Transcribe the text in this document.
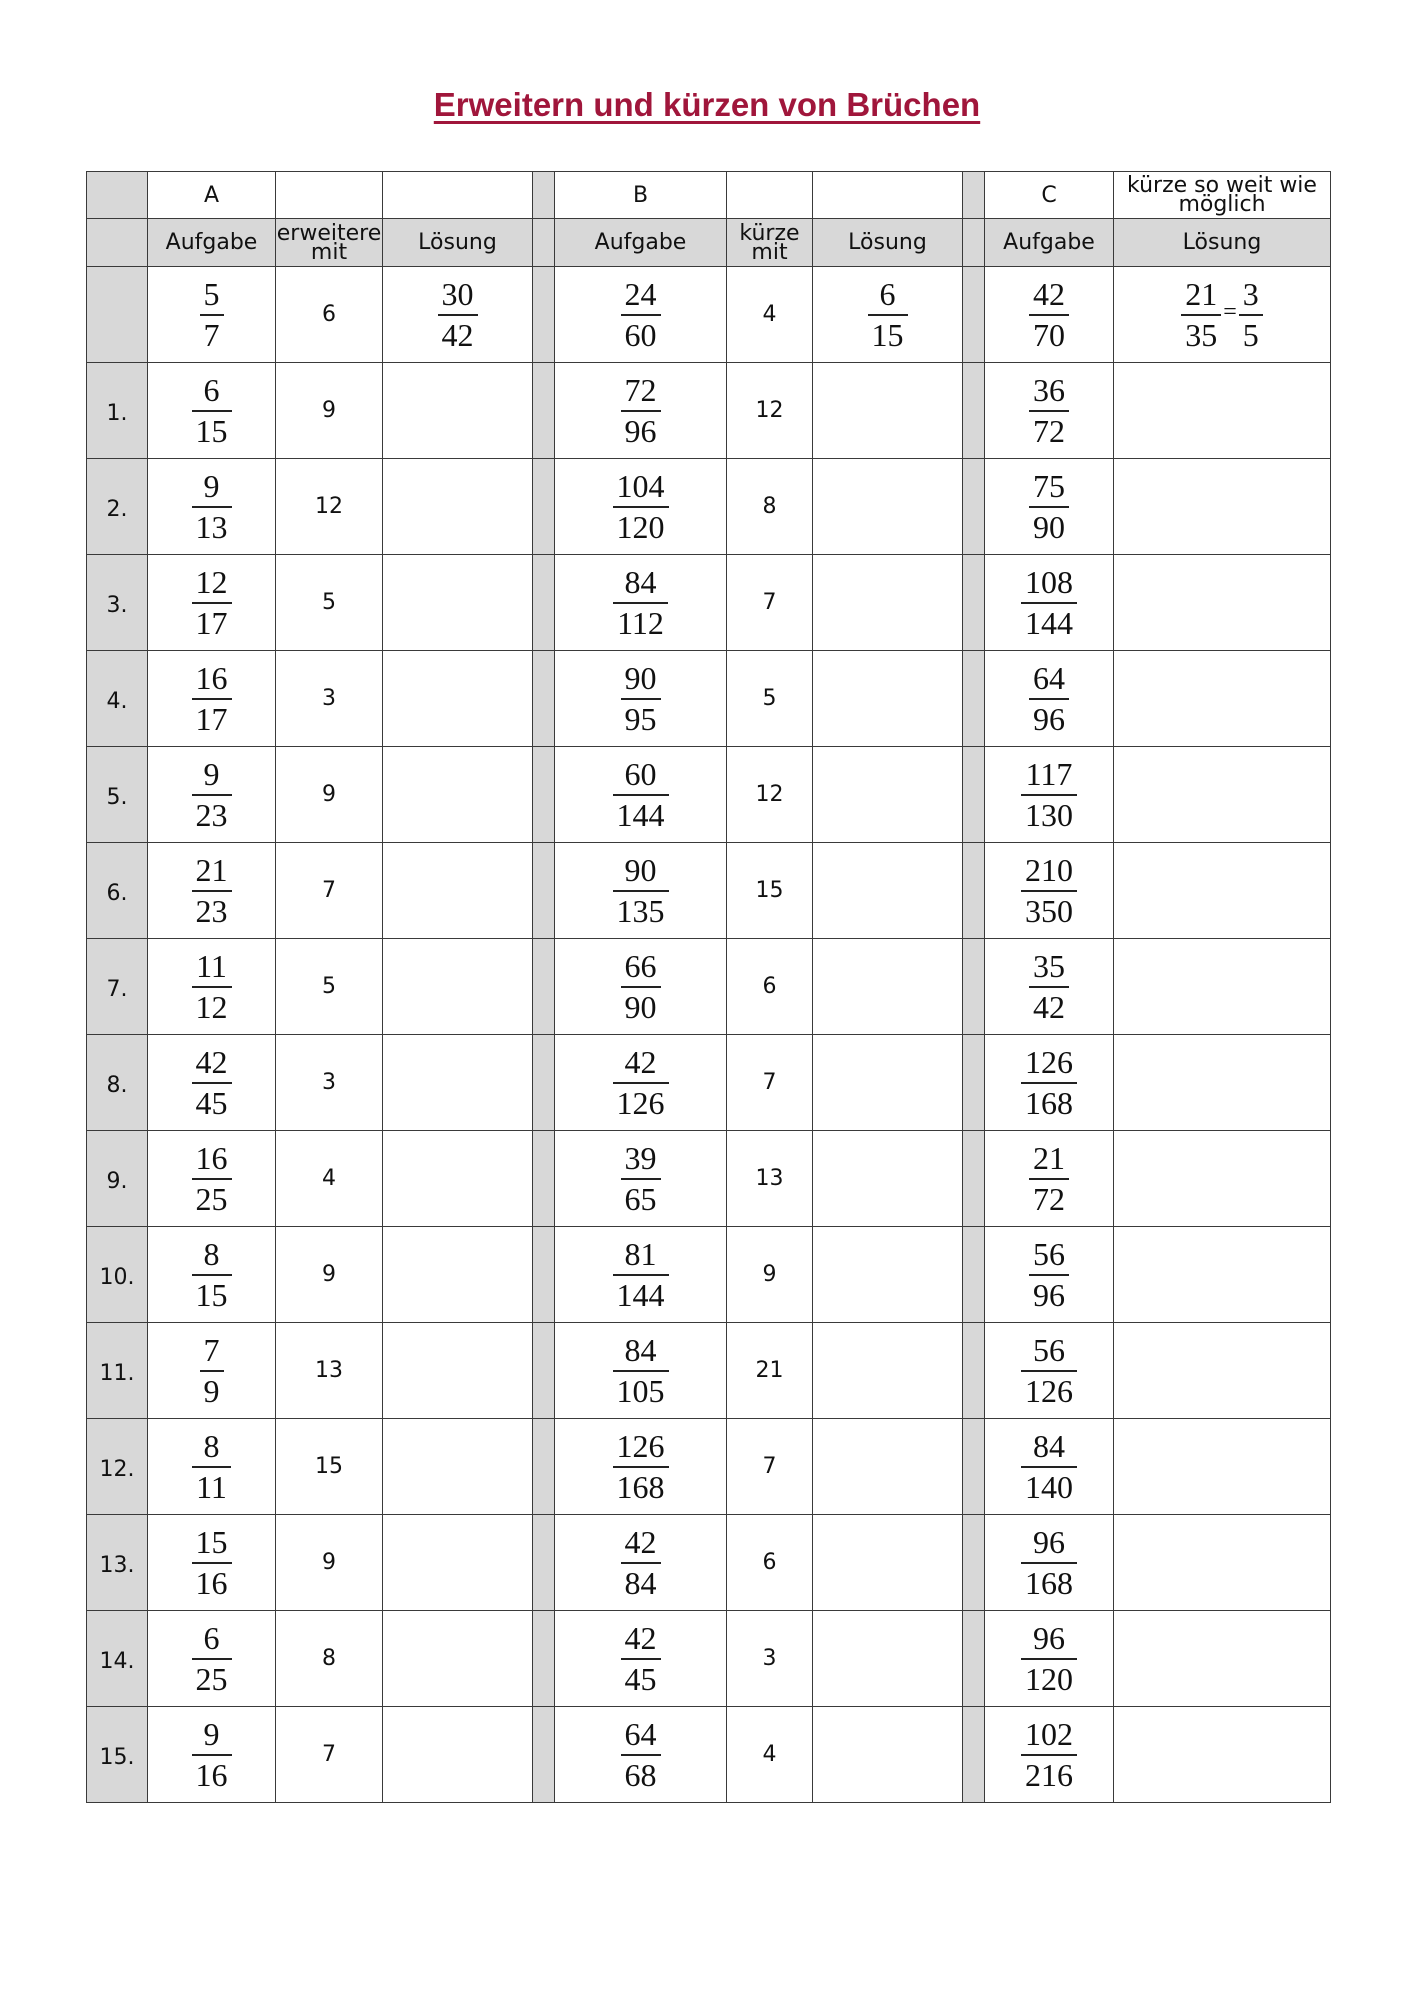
Erweitern und kürzen von Brüchen
	A				B				C	kürze so weit wie möglich
	Aufgabe	erweitere mit	Lösung		Aufgabe	kürze mit	Lösung		Aufgabe	Lösung

	$\frac{5}{7}$	6	$\frac{30}{42}$		$\frac{24}{60}$	4	$\frac{6}{15}$		$\frac{42}{70}$	$\frac{21}{35} = \frac{3}{5}$

1.	$\frac{6}{15}$	9			$\frac{72}{96}$	12			$\frac{36}{72}$

2.	$\frac{9}{13}$	12			$\frac{104}{120}$	8			$\frac{75}{90}$

3.	$\frac{12}{17}$	5			$\frac{84}{112}$	7			$\frac{108}{144}$

4.	$\frac{16}{17}$	3			$\frac{90}{95}$	5			$\frac{64}{96}$

5.	$\frac{9}{23}$	9			$\frac{60}{144}$	12			$\frac{117}{130}$

6.	$\frac{21}{23}$	7			$\frac{90}{135}$	15			$\frac{210}{350}$

7.	$\frac{11}{12}$	5			$\frac{66}{90}$	6			$\frac{35}{42}$

8.	$\frac{42}{45}$	3			$\frac{42}{126}$	7			$\frac{126}{168}$

9.	$\frac{16}{25}$	4			$\frac{39}{65}$	13			$\frac{21}{72}$

10.	$\frac{8}{15}$	9			$\frac{81}{144}$	9			$\frac{56}{96}$

11.	$\frac{7}{9}$	13			$\frac{84}{105}$	21			$\frac{56}{126}$

12.	$\frac{8}{11}$	15			$\frac{126}{168}$	7			$\frac{84}{140}$

13.	$\frac{15}{16}$	9			$\frac{42}{84}$	6			$\frac{96}{168}$

14.	$\frac{6}{25}$	8			$\frac{42}{45}$	3			$\frac{96}{120}$

15.	$\frac{9}{16}$	7			$\frac{64}{68}$	4			$\frac{102}{216}$
